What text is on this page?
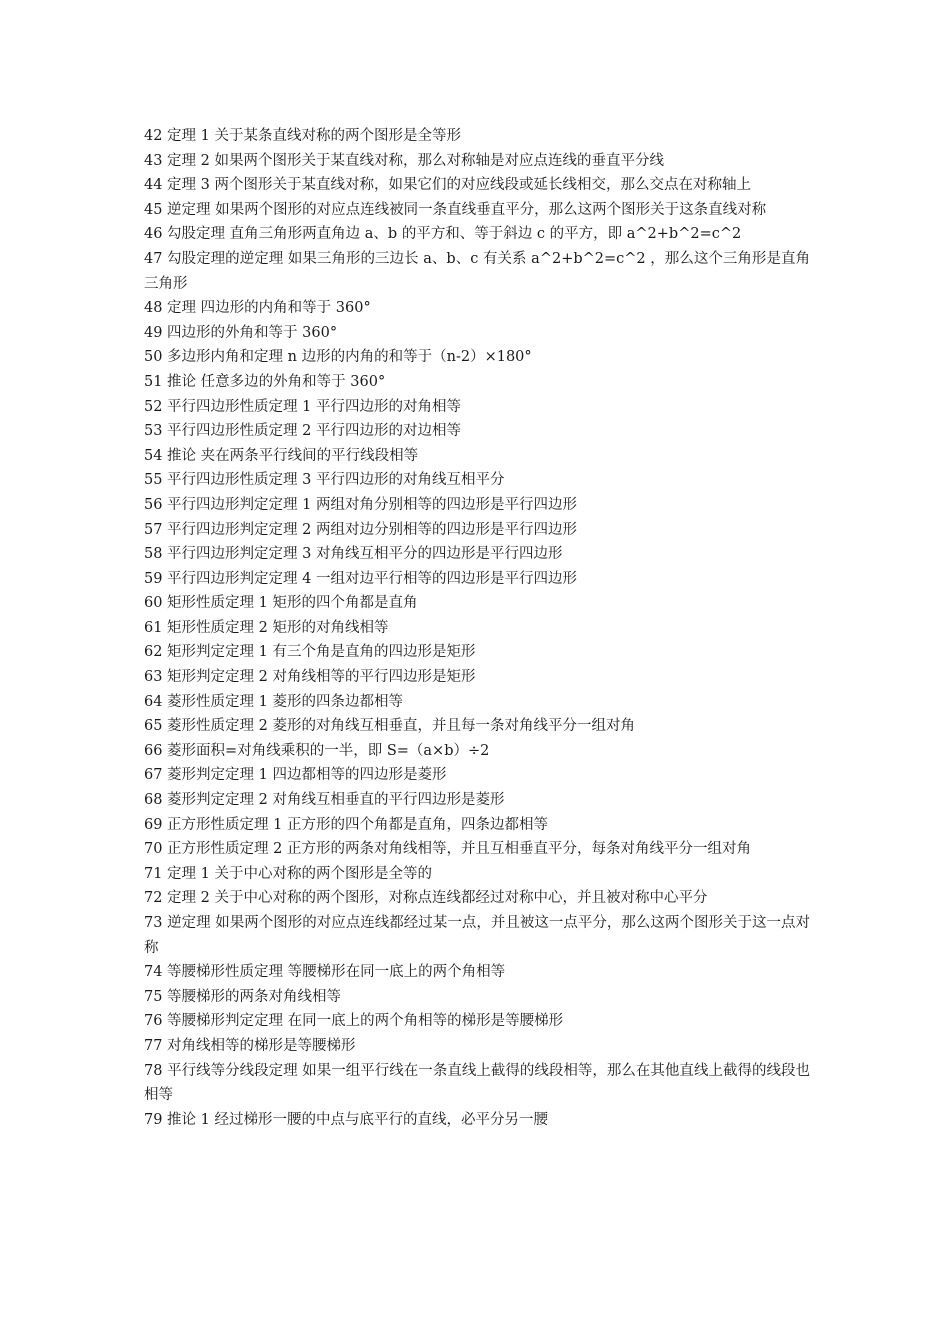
42 定理 1 关于某条直线对称的两个图形是全等形

43 定理 2 如果两个图形关于某直线对称，那么对称轴是对应点连线的垂直平分线

44 定理 3 两个图形关于某直线对称，如果它们的对应线段或延长线相交，那么交点在对称轴上

45 逆定理 如果两个图形的对应点连线被同一条直线垂直平分，那么这两个图形关于这条直线对称

46 勾股定理 直角三角形两直角边 a、b 的平方和、等于斜边 c 的平方，即 a^2+b^2=c^2

47 勾股定理的逆定理 如果三角形的三边长 a、b、c 有关系 a^2+b^2=c^2 ，那么这个三角形是直角三角形

48 定理 四边形的内角和等于 360°

49 四边形的外角和等于 360°

50 多边形内角和定理 n 边形的内角的和等于（n-2）×180°

51 推论 任意多边的外角和等于 360°

52 平行四边形性质定理 1 平行四边形的对角相等

53 平行四边形性质定理 2 平行四边形的对边相等

54 推论 夹在两条平行线间的平行线段相等

55 平行四边形性质定理 3 平行四边形的对角线互相平分

56 平行四边形判定定理 1 两组对角分别相等的四边形是平行四边形

57 平行四边形判定定理 2 两组对边分别相等的四边形是平行四边形

58 平行四边形判定定理 3 对角线互相平分的四边形是平行四边形

59 平行四边形判定定理 4 一组对边平行相等的四边形是平行四边形

60 矩形性质定理 1 矩形的四个角都是直角

61 矩形性质定理 2 矩形的对角线相等

62 矩形判定定理 1 有三个角是直角的四边形是矩形

63 矩形判定定理 2 对角线相等的平行四边形是矩形

64 菱形性质定理 1 菱形的四条边都相等

65 菱形性质定理 2 菱形的对角线互相垂直，并且每一条对角线平分一组对角

66 菱形面积=对角线乘积的一半，即 S=（a×b）÷2

67 菱形判定定理 1 四边都相等的四边形是菱形

68 菱形判定定理 2 对角线互相垂直的平行四边形是菱形

69 正方形性质定理 1 正方形的四个角都是直角，四条边都相等

70 正方形性质定理 2 正方形的两条对角线相等，并且互相垂直平分，每条对角线平分一组对角

71 定理 1 关于中心对称的两个图形是全等的

72 定理 2 关于中心对称的两个图形，对称点连线都经过对称中心，并且被对称中心平分

73 逆定理 如果两个图形的对应点连线都经过某一点，并且被这一点平分，那么这两个图形关于这一点对称

74 等腰梯形性质定理 等腰梯形在同一底上的两个角相等

75 等腰梯形的两条对角线相等

76 等腰梯形判定定理 在同一底上的两个角相等的梯形是等腰梯形

77 对角线相等的梯形是等腰梯形

78 平行线等分线段定理 如果一组平行线在一条直线上截得的线段相等，那么在其他直线上截得的线段也相等

79 推论 1 经过梯形一腰的中点与底平行的直线，必平分另一腰
